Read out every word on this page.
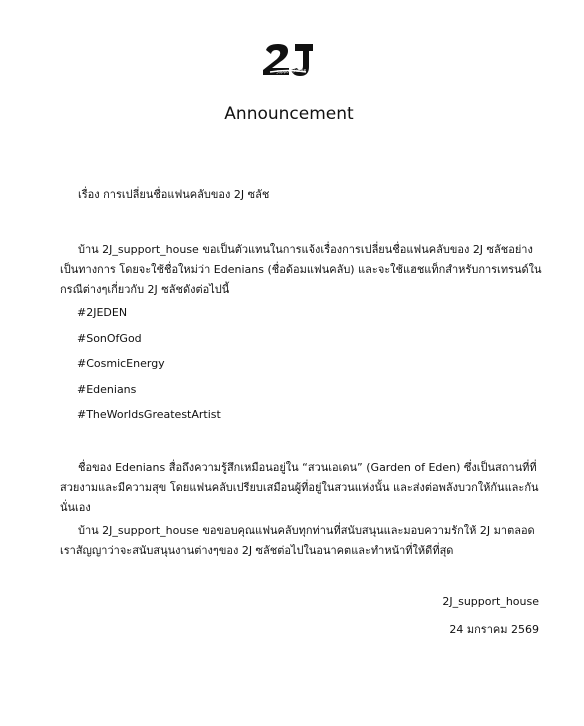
Support_House
Announcement
เรื่อง การเปลี่ยนชื่อแฟนคลับของ 2J ซลัช
บ้าน 2J_support_house ขอเป็นตัวแทนในการแจ้งเรื่องการเปลี่ยนชื่อแฟนคลับของ 2J ซลัชอย่างเป็นทางการ โดยจะใช้ชื่อใหม่ว่า Edenians (ชื่อด้อมแฟนคลับ) และจะใช้แฮชแท็กสำหรับการเทรนด์ในกรณีต่างๆเกี่ยวกับ 2J ซลัชดังต่อไปนี้
#2JEDEN
#SonOfGod
#CosmicEnergy
#Edenians
#TheWorldsGreatestArtist
ชื่อของ Edenians สื่อถึงความรู้สึกเหมือนอยู่ใน “สวนเอเดน” (Garden of Eden) ซึ่งเป็นสถานที่ที่สวยงามและมีความสุข โดยแฟนคลับเปรียบเสมือนผู้ที่อยู่ในสวนแห่งนั้น และส่งต่อพลังบวกให้กันและกันนั่นเอง
บ้าน 2J_support_house ขอขอบคุณแฟนคลับทุกท่านที่สนับสนุนและมอบความรักให้ 2J มาตลอด เราสัญญาว่าจะสนับสนุนงานต่างๆของ 2J ซลัชต่อไปในอนาคตและทำหน้าที่ให้ดีที่สุด
2J_support_house
24 มกราคม 2569
